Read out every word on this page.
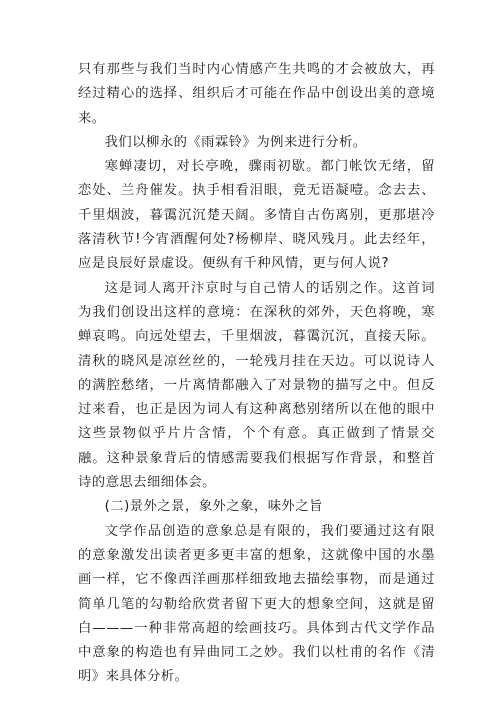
只有那些与我们当时内心情感产生共鸣的才会被放大，再经过精心的选择、组织后才可能在作品中创设出美的意境来。

我们以柳永的《雨霖铃》为例来进行分析。

寒蝉凄切，对长亭晚，骤雨初歇。都门帐饮无绪，留恋处、兰舟催发。执手相看泪眼，竟无语凝噎。念去去、千里烟波，暮霭沉沉楚天阔。多情自古伤离别，更那堪冷落清秋节!今宵酒醒何处?杨柳岸、晓风残月。此去经年，应是良辰好景虚设。便纵有千种风情，更与何人说?

这是词人离开汴京时与自己情人的话别之作。这首词为我们创设出这样的意境：在深秋的郊外，天色将晚，寒蝉哀鸣。向远处望去，千里烟波，暮霭沉沉，直接天际。清秋的晓风是凉丝丝的，一轮残月挂在天边。可以说诗人的满腔愁绪，一片离情都融入了对景物的描写之中。但反过来看，也正是因为词人有这种离愁别绪所以在他的眼中这些景物似乎片片含情，个个有意。真正做到了情景交融。这种景象背后的情感需要我们根据写作背景，和整首诗的意思去细细体会。

(二)景外之景，象外之象，味外之旨

文学作品创造的意象总是有限的，我们要通过这有限的意象激发出读者更多更丰富的想象，这就像中国的水墨画一样，它不像西洋画那样细致地去描绘事物，而是通过简单几笔的勾勒给欣赏者留下更大的想象空间，这就是留白———一种非常高超的绘画技巧。具体到古代文学作品中意象的构造也有异曲同工之妙。我们以杜甫的名作《清明》来具体分析。
